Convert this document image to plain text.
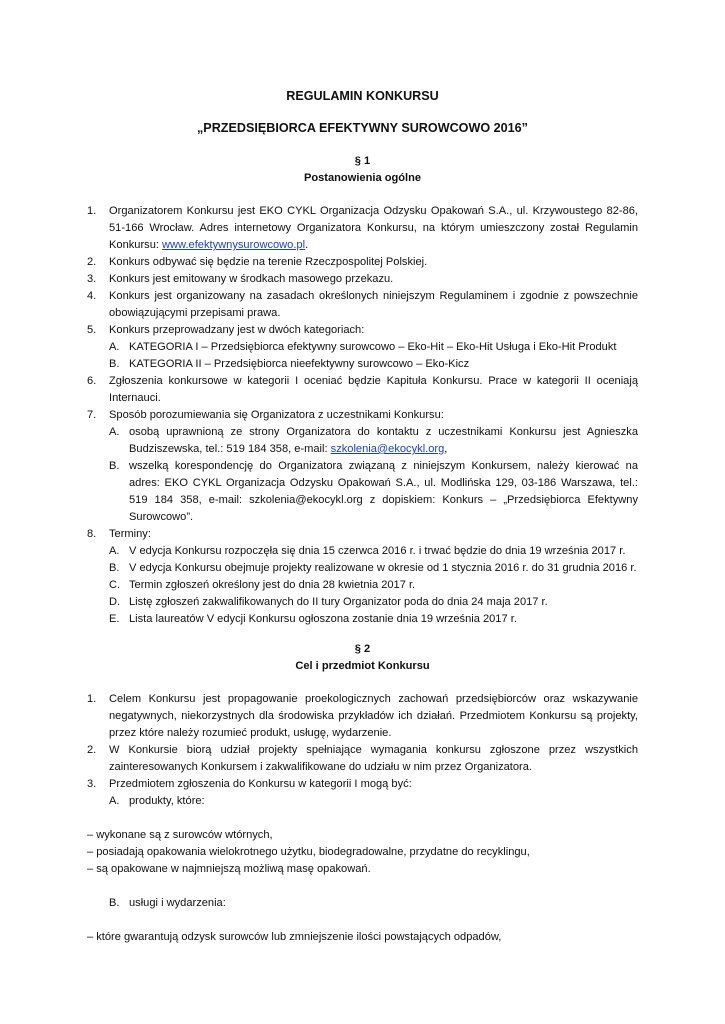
REGULAMIN KONKURSU
„PRZEDSIĘBIORCA EFEKTYWNY SUROWCOWO 2016”
§ 1
Postanowienia ogólne
1. Organizatorem Konkursu jest EKO CYKL Organizacja Odzysku Opakowań S.A., ul. Krzywoustego 82-86, 51-166 Wrocław. Adres internetowy Organizatora Konkursu, na którym umieszczony został Regulamin Konkursu: www.efektywnysurowcowo.pl.
2. Konkurs odbywać się będzie na terenie Rzeczpospolitej Polskiej.
3. Konkurs jest emitowany w środkach masowego przekazu.
4. Konkurs jest organizowany na zasadach określonych niniejszym Regulaminem i zgodnie z powszechnie obowiązującymi przepisami prawa.
5. Konkurs przeprowadzany jest w dwóch kategoriach:
A. KATEGORIA I – Przedsiębiorca efektywny surowcowo – Eko-Hit – Eko-Hit Usługa i Eko-Hit Produkt
B. KATEGORIA II – Przedsiębiorca nieefektywny surowcowo – Eko-Kicz
6. Zgłoszenia konkursowe w kategorii I oceniać będzie Kapituła Konkursu. Prace w kategorii II oceniają Internauci.
7. Sposób porozumiewania się Organizatora z uczestnikami Konkursu:
A. osobą uprawnioną ze strony Organizatora do kontaktu z uczestnikami Konkursu jest Agnieszka Budziszewska, tel.: 519 184 358, e-mail: szkolenia@ekocykl.org,
B. wszelką korespondencję do Organizatora związaną z niniejszym Konkursem, należy kierować na adres: EKO CYKL Organizacja Odzysku Opakowań S.A., ul. Modlińska 129, 03-186 Warszawa, tel.: 519 184 358, e-mail: szkolenia@ekocykl.org z dopiskiem: Konkurs – „Przedsiębiorca Efektywny Surowcowo”.
8. Terminy:
A. V edycja Konkursu rozpoczęła się dnia 15 czerwca 2016 r. i trwać będzie do dnia 19 września 2017 r.
B. V edycja Konkursu obejmuje projekty realizowane w okresie od 1 stycznia 2016 r. do 31 grudnia 2016 r.
C. Termin zgłoszeń określony jest do dnia 28 kwietnia 2017 r.
D. Listę zgłoszeń zakwalifikowanych do II tury Organizator poda do dnia 24 maja 2017 r.
E. Lista laureatów V edycji Konkursu ogłoszona zostanie dnia 19 września 2017 r.
§ 2
Cel i przedmiot Konkursu
1. Celem Konkursu jest propagowanie proekologicznych zachowań przedsiębiorców oraz wskazywanie negatywnych, niekorzystnych dla środowiska przykładów ich działań. Przedmiotem Konkursu są projekty, przez które należy rozumieć produkt, usługę, wydarzenie.
2. W Konkursie biorą udział projekty spełniające wymagania konkursu zgłoszone przez wszystkich zainteresowanych Konkursem i zakwalifikowane do udziału w nim przez Organizatora.
3. Przedmiotem zgłoszenia do Konkursu w kategorii I mogą być:
A. produkty, które:
– wykonane są z surowców wtórnych,
– posiadają opakowania wielokrotnego użytku, biodegradowalne, przydatne do recyklingu,
– są opakowane w najmniejszą możliwą masę opakowań.
B. usługi i wydarzenia:
– które gwarantują odzysk surowców lub zmniejszenie ilości powstających odpadów,
